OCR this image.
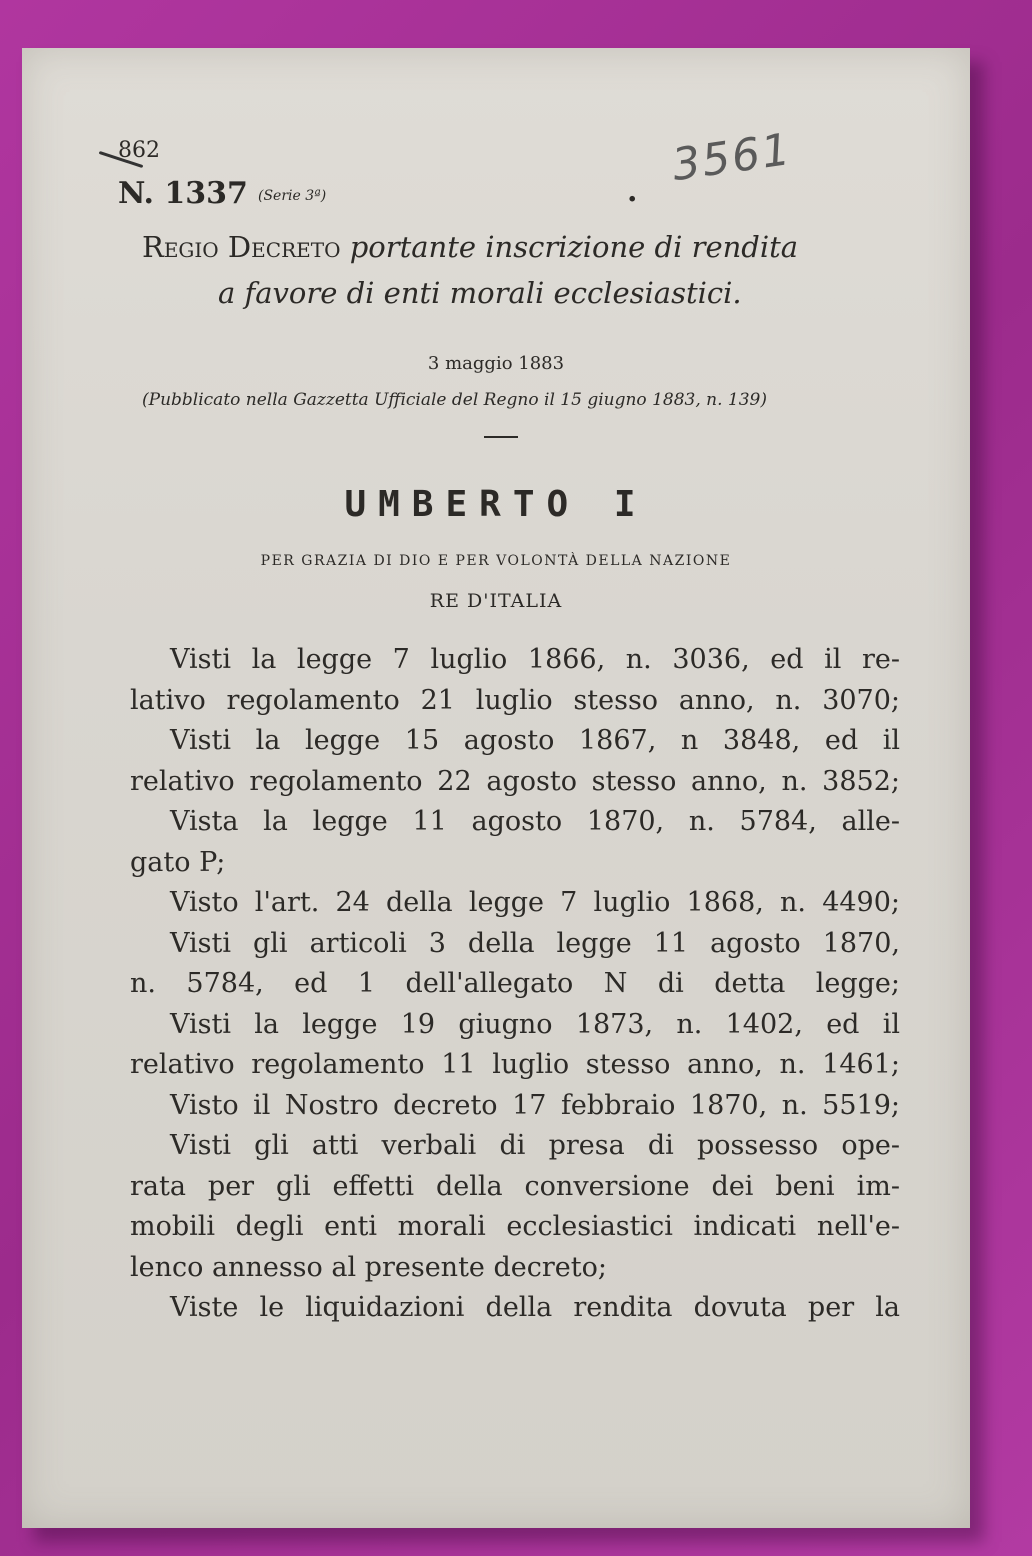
862
N. 1337 (Serie 3ª)	.
3561
Regio Decreto portante inscrizione di rendita
a favore di enti morali ecclesiastici.
3 maggio 1883
(Pubblicato nella Gazzetta Ufficiale del Regno il 15 giugno 1883, n. 139)
UMBERTO I
PER GRAZIA DI DIO E PER VOLONTÀ DELLA NAZIONE
RE D'ITALIA
Visti la legge 7 luglio 1866, n. 3036, ed il re-
lativo regolamento 21 luglio stesso anno, n. 3070;
Visti la legge 15 agosto 1867, n 3848, ed il
relativo regolamento 22 agosto stesso anno, n. 3852;
Vista la legge 11 agosto 1870, n. 5784, alle-
gato P;
Visto l'art. 24 della legge 7 luglio 1868, n. 4490;
Visti gli articoli 3 della legge 11 agosto 1870,
n. 5784, ed 1 dell'allegato N di detta legge;
Visti la legge 19 giugno 1873, n. 1402, ed il
relativo regolamento 11 luglio stesso anno, n. 1461;
Visto il Nostro decreto 17 febbraio 1870, n. 5519;
Visti gli atti verbali di presa di possesso ope-
rata per gli effetti della conversione dei beni im-
mobili degli enti morali ecclesiastici indicati nell'e-
lenco annesso al presente decreto;
Viste le liquidazioni della rendita dovuta per la
